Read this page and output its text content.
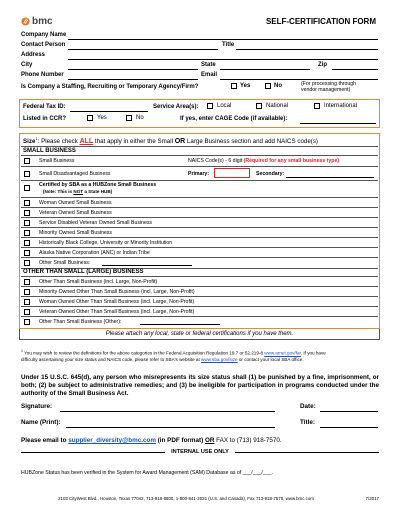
bmc	SELF-CERTIFICATION FORM
Company Name
Contact Person	Title
Address
City	State	Zip
Phone Number	Email
Is Company a Staffing, Recruiting or Temporary Agency/Firm?	Yes	No	(For processing through
vendor management)
Federal Tax ID:	Service Area(s):	Local	National	International
Listed in CCR?	Yes	No	If yes, enter CAGE Code (if available):
Size$^1$: Please check ALL that apply in either the Small OR Large Business section and add NAICS code(s)
SMALL BUSINESS
Small Business	NAICS Code(s) - 6 digit (Required for any small business type)
Small Disadvantaged Business	Primary:	Secondary:
Certified by SBA as a HUBZone Small Business
(Note: This is NOT a State HUB)
Woman Owned Small Business
Veteran Owned Small Business
Service Disabled Veteran Owned Small Business
Minority Owned Small Business
Historically Black College, University or Minority Institution
Alaska Native Corporation (ANC) or Indian Tribe
Other Small Business:
OTHER THAN SMALL (LARGE) BUSINESS
Other Than Small Business (incl. Large, Non-Profit)
Minority Owned Other Than Small Business (incl. Large, Non-Profit)
Woman Owned Other Than Small Business (incl. Large, Non-Profit)
Veteran Owned Other Than Small Business (incl. Large, Non-Profit)
Other Than Small Business (Other):
Please attach any local, state or federal certifications if you have them.
$^1$ You may wish to review the definitions for the above categories in the Federal Acquisition Regulation 19.7 or 52.219-8 www.arnet.gov/far. If you have
difficulty ascertaining your size status and NAICS code, please refer to SBA's website at www.sba.gov/size or contact your local SBA office.
Under 15 U.S.C. 645(d), any person who misrepresents its size status shall (1) be punished by a fine, imprisonment, or both; (2) be subject to administrative remedies; and (3) be ineligible for participation in programs conducted under the authority of the Small Business Act.
Signature:	Date:
Name (Print):	Title:
Please email to supplier_diversity@bmc.com (in PDF format) OR FAX to (713) 918-7570.
INTERNAL USE ONLY
HUBZone Status has been verified in the System for Award Management (SAM) Database as of ___/___/___.
2103 CityWest Blvd., Houston, Texas 77042, 713-918-8800, 1-800-841-2031 (U.S. and Canada), Fax 713-918-7570, www.bmc.com	7/2017
